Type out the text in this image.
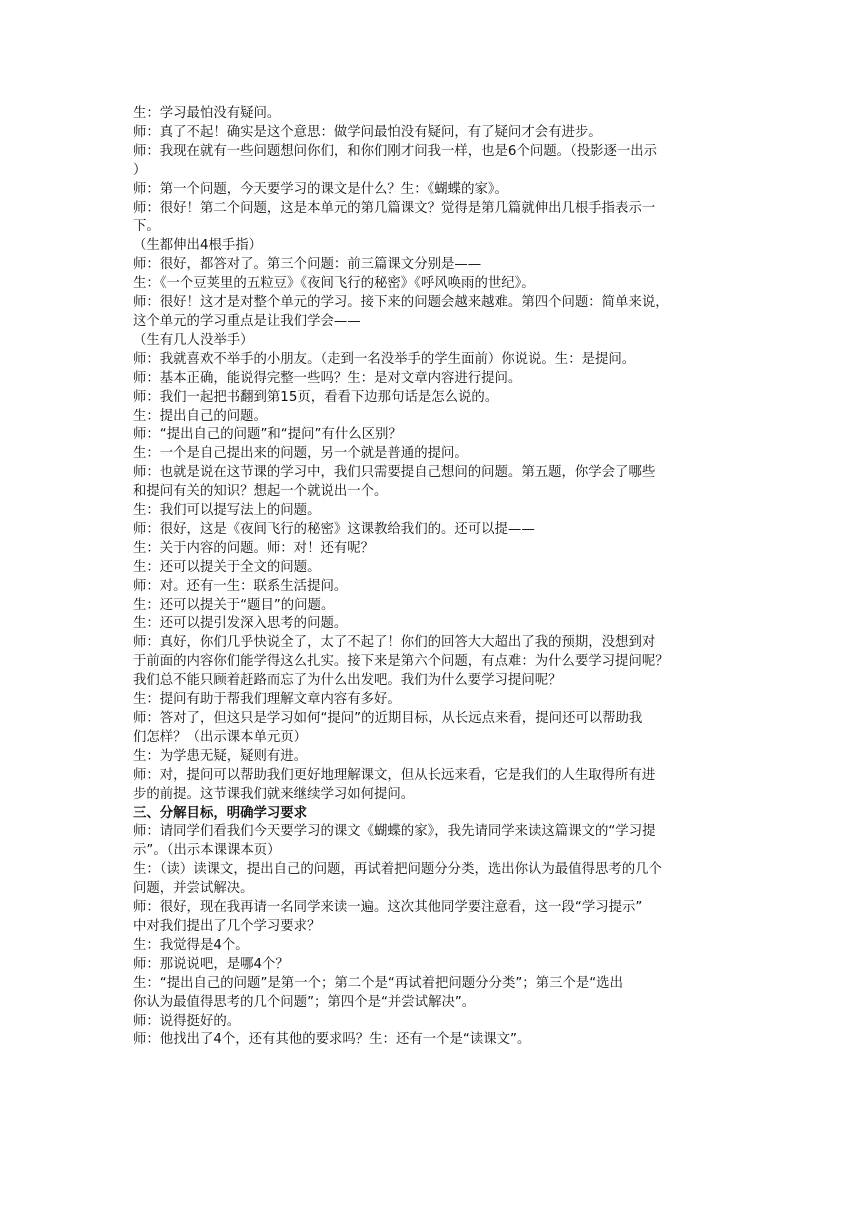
生：学习最怕没有疑问。
师：真了不起！确实是这个意思：做学问最怕没有疑问，有了疑问才会有进步。
师：我现在就有一些问题想问你们，和你们刚才问我一样，也是6个问题。（投影逐一出示
）
师：第一个问题，今天要学习的课文是什么？生：《蝴蝶的家》。
师：很好！第二个问题，这是本单元的第几篇课文？觉得是第几篇就伸出几根手指表示一
下。
（生都伸出4根手指）
师：很好，都答对了。第三个问题：前三篇课文分别是——
生：《一个豆荚里的五粒豆》《夜间飞行的秘密》《呼风唤雨的世纪》。
师：很好！这才是对整个单元的学习。接下来的问题会越来越难。第四个问题：简单来说，
这个单元的学习重点是让我们学会——
（生有几人没举手）
师：我就喜欢不举手的小朋友。（走到一名没举手的学生面前）你说说。生：是提问。
师：基本正确，能说得完整一些吗？生：是对文章内容进行提问。
师：我们一起把书翻到第15页，看看下边那句话是怎么说的。
生：提出自己的问题。
师：“提出自己的问题”和“提问”有什么区别？
生：一个是自己提出来的问题，另一个就是普通的提问。
师：也就是说在这节课的学习中，我们只需要提自己想问的问题。第五题，你学会了哪些
和提问有关的知识？想起一个就说出一个。
生：我们可以提写法上的问题。
师：很好，这是《夜间飞行的秘密》这课教给我们的。还可以提——
生：关于内容的问题。师：对！还有呢？
生：还可以提关于全文的问题。
师：对。还有一生：联系生活提问。
生：还可以提关于“题目”的问题。
生：还可以提引发深入思考的问题。
师：真好，你们几乎快说全了，太了不起了！你们的回答大大超出了我的预期，没想到对
于前面的内容你们能学得这么扎实。接下来是第六个问题，有点难：为什么要学习提问呢？
我们总不能只顾着赶路而忘了为什么出发吧。我们为什么要学习提问呢？
生：提问有助于帮我们理解文章内容有多好。
师：答对了，但这只是学习如何“提问”的近期目标，从长远点来看，提问还可以帮助我
们怎样？（出示课本单元页）
生：为学患无疑，疑则有进。
师：对，提问可以帮助我们更好地理解课文，但从长远来看，它是我们的人生取得所有进
步的前提。这节课我们就来继续学习如何提问。
三、分解目标，明确学习要求
师：请同学们看我们今天要学习的课文《蝴蝶的家》，我先请同学来读这篇课文的“学习提
示”。（出示本课课本页）
生：（读）读课文，提出自己的问题，再试着把问题分分类，选出你认为最值得思考的几个
问题，并尝试解决。
师：很好，现在我再请一名同学来读一遍。这次其他同学要注意看，这一段“学习提示”
中对我们提出了几个学习要求？
生：我觉得是4个。
师：那说说吧，是哪4个？
生：“提出自己的问题”是第一个；第二个是“再试着把问题分分类”；第三个是“选出
你认为最值得思考的几个问题”；第四个是“并尝试解决”。
师：说得挺好的。
师：他找出了4个，还有其他的要求吗？生：还有一个是“读课文”。
